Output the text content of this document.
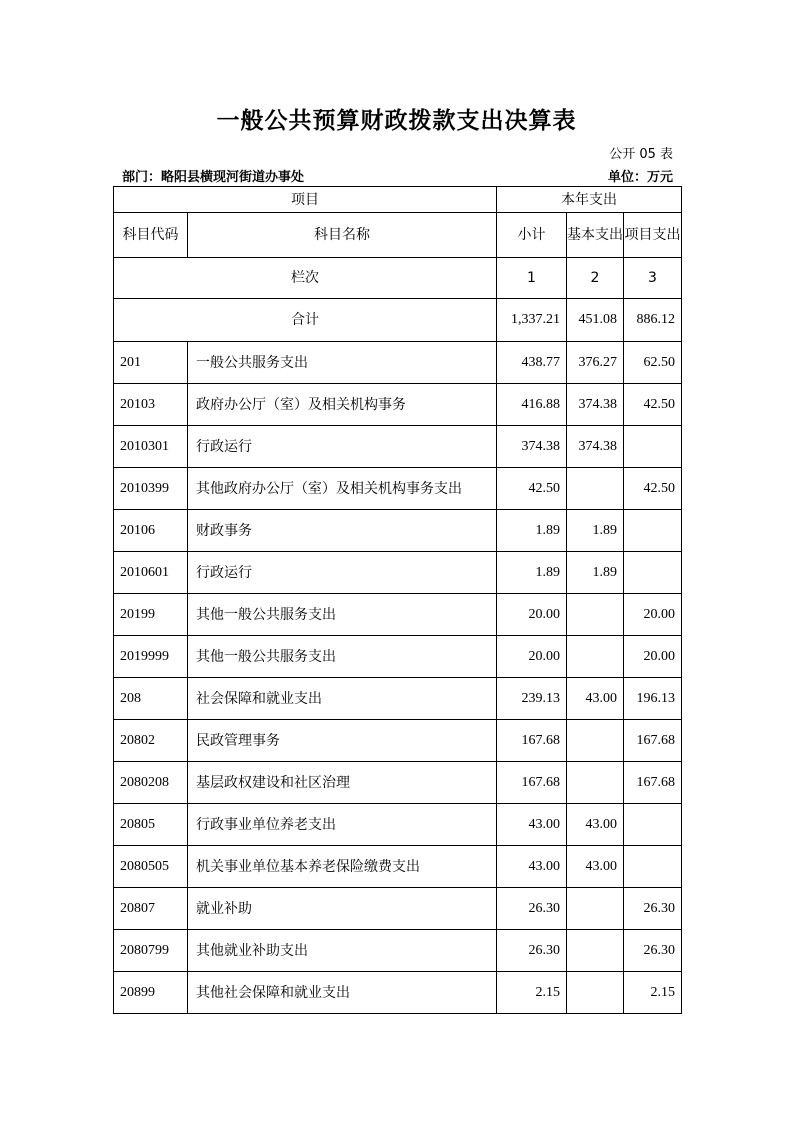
一般公共预算财政拨款支出决算表
公开 05 表
部门：略阳县横现河街道办事处	单位：万元
项目		本年支出		
科目代码	科目名称	小计	基本支出	项目支出
栏次		1	2	3
合计		1,337.21	451.08	886.12
201	一般公共服务支出	438.77	376.27	62.50
20103	政府办公厅（室）及相关机构事务	416.88	374.38	42.50
2010301	行政运行	374.38	374.38	
2010399	其他政府办公厅（室）及相关机构事务支出	42.50		42.50
20106	财政事务	1.89	1.89	
2010601	行政运行	1.89	1.89	
20199	其他一般公共服务支出	20.00		20.00
2019999	其他一般公共服务支出	20.00		20.00
208	社会保障和就业支出	239.13	43.00	196.13
20802	民政管理事务	167.68		167.68
2080208	基层政权建设和社区治理	167.68		167.68
20805	行政事业单位养老支出	43.00	43.00	
2080505	机关事业单位基本养老保险缴费支出	43.00	43.00	
20807	就业补助	26.30		26.30
2080799	其他就业补助支出	26.30		26.30
20899	其他社会保障和就业支出	2.15		2.15
